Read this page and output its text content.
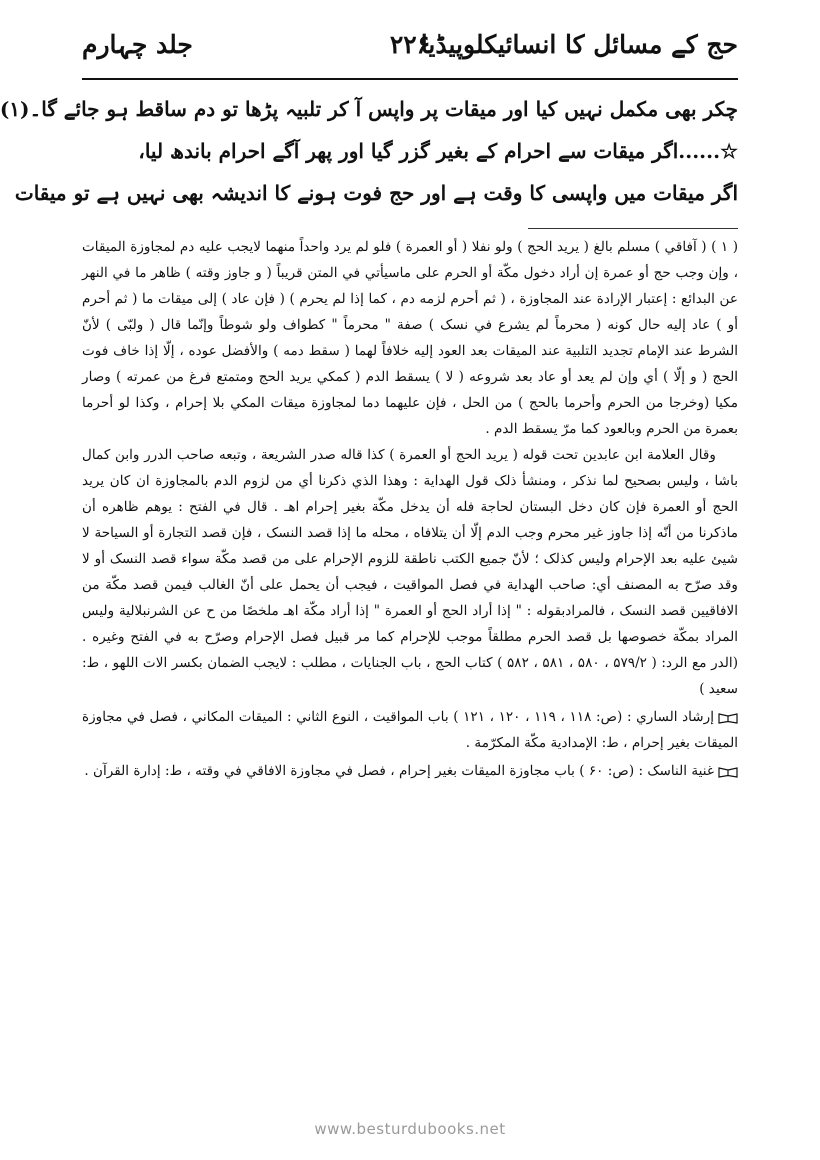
حج کے مسائل کا انسائیکلوپیڈیا
۲۲۶
جلد چہارم

چکر بھی مکمل نہیں کیا اور میقات پر واپس آ کر تلبیہ پڑھا تو دم ساقط ہو جائے گا۔(۱)

☆......اگر میقات سے احرام کے بغیر گزر گیا اور پھر آگے احرام باندھ لیا،

اگر میقات میں واپسی کا وقت ہے اور حج فوت ہونے کا اندیشہ بھی نہیں ہے تو میقات

( ۱ ) ( آفاقي ) مسلم بالغ ( يريد الحج ) ولو نفلا ( أو العمرة ) فلو لم يرد واحداً منهما لايجب عليه دم لمجاوزة الميقات ، وإن وجب حج أو عمرة إن أراد دخول مكّة أو الحرم على ماسيأتي في المتن قريباً ( و جاوز وقته ) ظاهر ما في النهر عن البدائع : إعتبار الإرادة عند المجاوزة ، ( ثم أحرم لزمه دم ، كما إذا لم يحرم ) ( فإن عاد ) إلى ميقات ما ( ثم أحرم أو ) عاد إليه حال كونه ( محرماً لم يشرع في نسک ) صفة " محرماً " كطواف ولو شوطاً وإنّما قال ( ولبّى ) لأنّ الشرط عند الإمام تجديد التلبية عند الميقات بعد العود إليه خلافاً لهما ( سقط دمه ) والأفضل عوده ، إلّا إذا خاف فوت الحج ( و إلّا ) أي وإن لم يعد أو عاد بعد شروعه ( لا ) يسقط الدم ( كمكي يريد الحج ومتمتع فرغ من عمرته ) وصار مكيا (وخرجا من الحرم وأحرما بالحج ) من الحل ، فإن عليهما دما لمجاوزة ميقات المكي بلا إحرام ، وكذا لو أحرما بعمرة من الحرم وبالعود كما مرّ يسقط الدم .

وقال العلامة ابن عابدين تحت قوله ( يريد الحج أو العمرة ) كذا قاله صدر الشريعة ، وتبعه صاحب الدرر وابن كمال باشا ، وليس بصحيح لما نذكر ، ومنشأ ذلک قول الهداية : وهذا الذي ذكرنا أي من لزوم الدم بالمجاوزة ان كان يريد الحج أو العمرة فإن كان دخل البستان لحاجة فله أن يدخل مكّة بغير إحرام اهـ . قال في الفتح : يوهم ظاهره أن ماذكرنا من أنّه إذا جاوز غير محرم وجب الدم إلّا أن يتلافاه ، محله ما إذا قصد النسک ، فإن قصد التجارة أو السياحة لا شيئ عليه بعد الإحرام وليس كذلک ؛ لأنّ جميع الكتب ناطقة للزوم الإحرام على من قصد مكّة سواء قصد النسک أو لا وقد صرّح به المصنف أي: صاحب الهداية في فصل المواقيت ، فيجب أن يحمل على أنّ الغالب فيمن قصد مكّة من الافاقيين قصد النسک ، فالمرادبقوله : " إذا أراد الحج أو العمرة " إذا أراد مكّة اهـ ملخصًا من ح عن الشرنبلالية وليس المراد بمكّة خصوصها بل قصد الحرم مطلقاً موجب للإحرام كما مر قبيل فصل الإحرام وصرّح به في الفتح وغيره . (الدر مع الرد: ( ۵۷۹/۲ ، ۵۸۰ ، ۵۸۱ ، ۵۸۲ ) كتاب الحج ، باب الجنايات ، مطلب : لايجب الضمان بكسر الات اللهو ، ط: سعيد )

إرشاد الساري : (ص: ۱۱۸ ، ۱۱۹ ، ۱۲۰ ، ۱۲۱ ) باب المواقيت ، النوع الثاني : الميقات المكاني ، فصل في مجاوزة الميقات بغير إحرام ، ط: الإمدادية مكّة المكرّمة .

غنية الناسک : (ص: ۶۰ ) باب مجاوزة الميقات بغير إحرام ، فصل في مجاوزة الافاقي في وقته ، ط: إدارة القرآن .

www.besturdubooks.net
